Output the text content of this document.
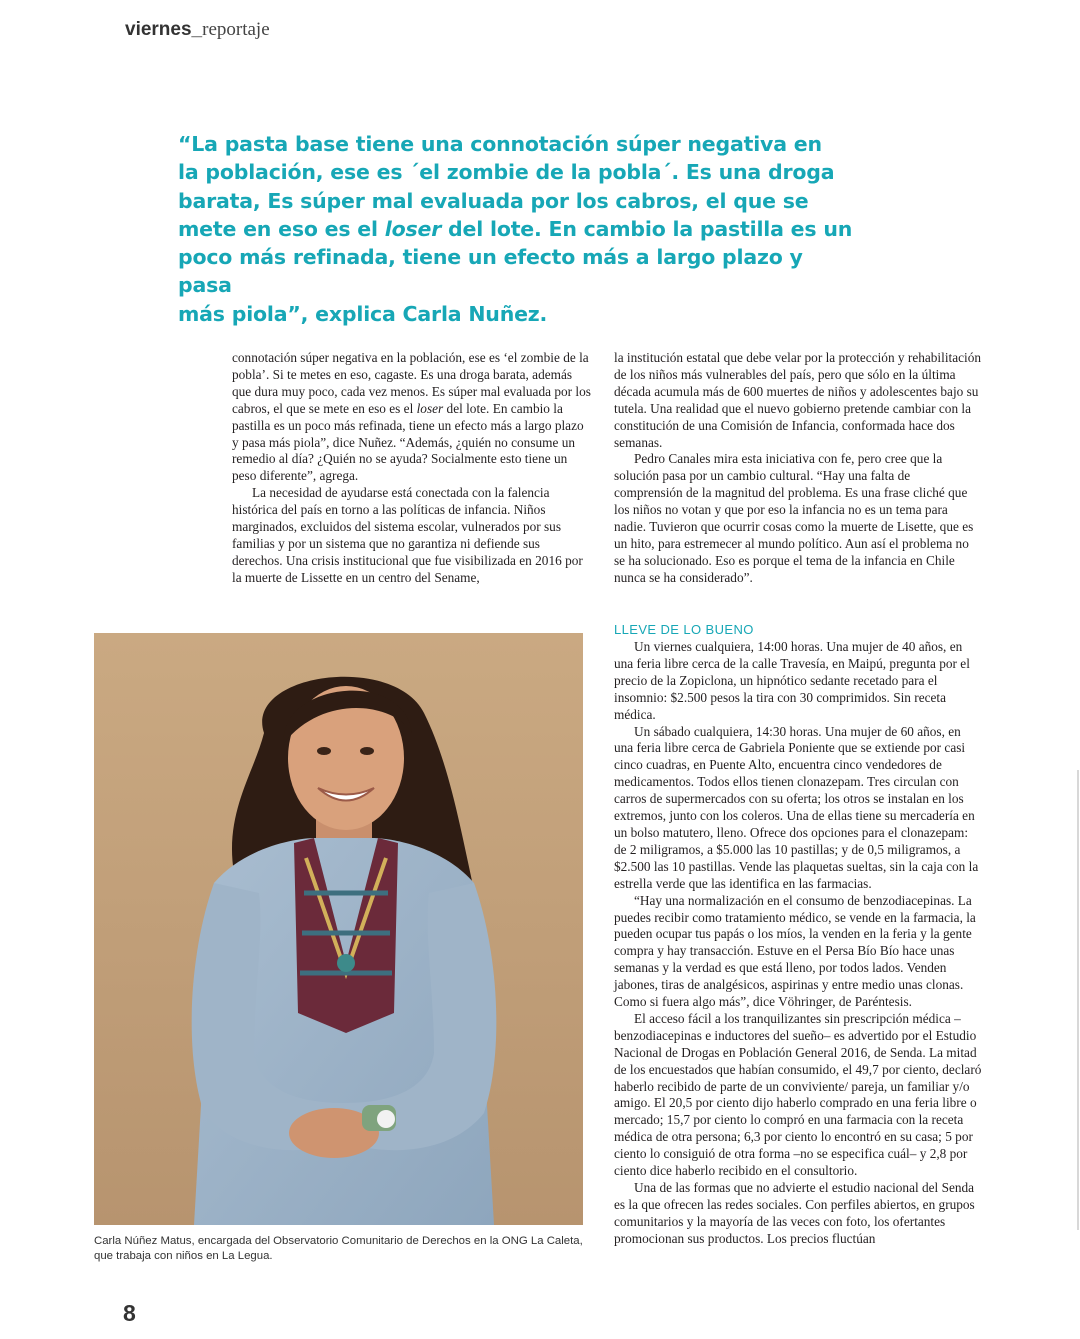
viernes_reportaje

“La pasta base tiene una connotación súper negativa en

la población, ese es ´el zombie de la pobla´. Es una droga

barata, Es súper mal evaluada por los cabros, el que se

mete en eso es el loser del lote. En cambio la pastilla es un

poco más refinada, tiene un efecto más a largo plazo y pasa

más piola”, explica Carla Nuñez.

connotación súper negativa en la población, ese es ‘el zombie de la pobla’. Si te metes en eso, cagaste. Es una droga barata, además que dura muy poco, cada vez menos. Es súper mal evaluada por los cabros, el que se mete en eso es el loser del lote. En cambio la pastilla es un poco más refinada, tiene un efecto más a largo plazo y pasa más piola”, dice Nuñez. “Además, ¿quién no consume un remedio al día? ¿Quién no se ayuda? Socialmente esto tiene un peso diferente”, agrega.

La necesidad de ayudarse está conectada con la falencia histórica del país en torno a las políticas de infancia. Niños marginados, excluidos del sistema escolar, vulnerados por sus familias y por un sistema que no garantiza ni defiende sus derechos. Una crisis institucional que fue visibilizada en 2016 por la muerte de Lissette en un centro del Sename,

la institución estatal que debe velar por la protección y rehabilitación de los niños más vulnerables del país, pero que sólo en la última década acumula más de 600 muertes de niños y adolescentes bajo su tutela. Una realidad que el nuevo gobierno pretende cambiar con la constitución de una Comisión de Infancia, conformada hace dos semanas.

Pedro Canales mira esta iniciativa con fe, pero cree que la solución pasa por un cambio cultural. “Hay una falta de comprensión de la magnitud del problema. Es una frase cliché que los niños no votan y que por eso la infancia no es un tema para nadie. Tuvieron que ocurrir cosas como la muerte de Lisette, que es un hito, para estremecer al mundo político. Aun así el problema no se ha solucionado. Eso es porque el tema de la infancia en Chile nunca se ha considerado”.

LLEVE DE LO BUENO

Un viernes cualquiera, 14:00 horas. Una mujer de 40 años, en una feria libre cerca de la calle Travesía, en Maipú, pregunta por el precio de la Zopiclona, un hipnótico sedante recetado para el insomnio: $2.500 pesos la tira con 30 comprimidos. Sin receta médica.

Un sábado cualquiera, 14:30 horas. Una mujer de 60 años, en una feria libre cerca de Gabriela Poniente que se extiende por casi cinco cuadras, en Puente Alto, encuentra cinco vendedores de medicamentos. Todos ellos tienen clonazepam. Tres circulan con carros de supermercados con su oferta; los otros se instalan en los extremos, junto con los coleros. Una de ellas tiene su mercadería en un bolso matutero, lleno. Ofrece dos opciones para el clonazepam: de 2 miligramos, a $5.000 las 10 pastillas; y de 0,5 miligramos, a $2.500 las 10 pastillas. Vende las plaquetas sueltas, sin la caja con la estrella verde que las identifica en las farmacias.

“Hay una normalización en el consumo de benzodiacepinas. La puedes recibir como tratamiento médico, se vende en la farmacia, la pueden ocupar tus papás o los míos, la venden en la feria y la gente compra y hay transacción. Estuve en el Persa Bío Bío hace unas semanas y la verdad es que está lleno, por todos lados. Venden jabones, tiras de analgésicos, aspirinas y entre medio unas clonas. Como si fuera algo más”, dice Vöhringer, de Paréntesis.

El acceso fácil a los tranquilizantes sin prescripción médica –benzodiacepinas e inductores del sueño– es advertido por el Estudio Nacional de Drogas en Población General 2016, de Senda. La mitad de los encuestados que habían consumido, el 49,7 por ciento, declaró haberlo recibido de parte de un conviviente/ pareja, un familiar y/o amigo. El 20,5 por ciento dijo haberlo comprado en una feria libre o mercado; 15,7 por ciento lo compró en una farmacia con la receta médica de otra persona; 6,3 por ciento lo encontró en su casa; 5 por ciento lo consiguió de otra forma –no se especifica cuál– y 2,8 por ciento dice haberlo recibido en el consultorio.

Una de las formas que no advierte el estudio nacional del Senda es la que ofrecen las redes sociales. Con perfiles abiertos, en grupos comunitarios y la mayoría de las veces con foto, los ofertantes promocionan sus productos. Los precios fluctúan

Carla Núñez Matus, encargada del Observatorio Comunitario de Derechos en la ONG La Caleta, que trabaja con niños en La Legua.
8
